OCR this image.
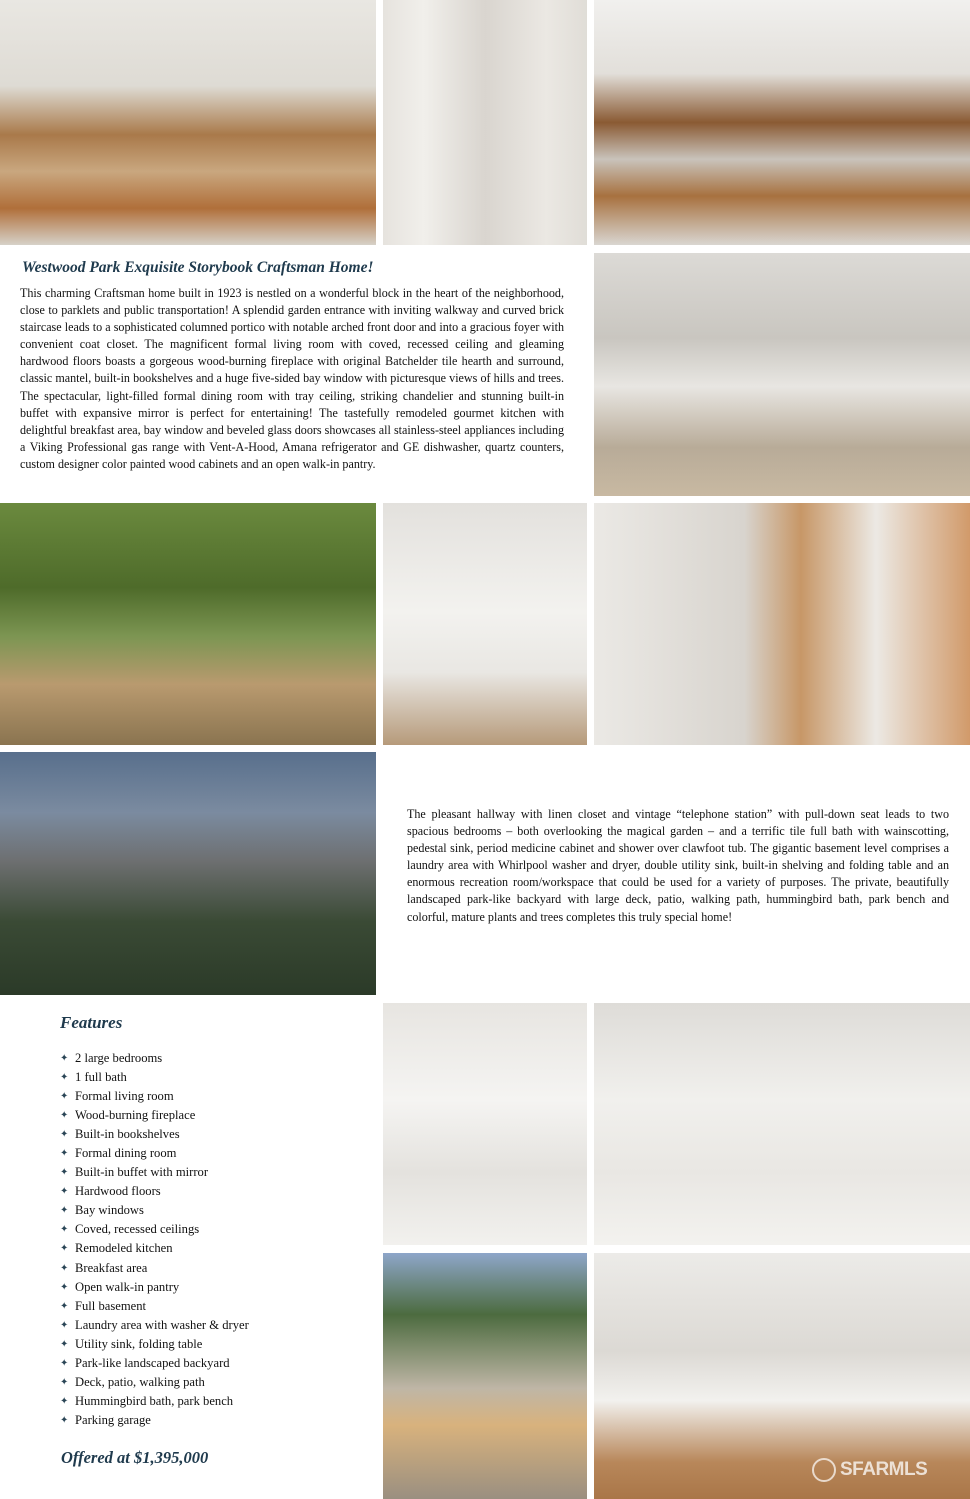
Westwood Park Exquisite Storybook Craftsman Home!
This charming Craftsman home built in 1923 is nestled on a wonderful block in the heart of the neighborhood, close to parklets and public transportation! A splendid garden entrance with inviting walkway and curved brick staircase leads to a sophisticated columned portico with notable arched front door and into a gracious foyer with convenient coat closet. The magnificent formal living room with coved, recessed ceiling and gleaming hardwood floors boasts a gorgeous wood-burning fireplace with original Batchelder tile hearth and surround, classic mantel, built-in bookshelves and a huge five-sided bay window with picturesque views of hills and trees. The spectacular, light-filled formal dining room with tray ceiling, striking chandelier and stunning built-in buffet with expansive mirror is perfect for entertaining! The tastefully remodeled gourmet kitchen with delightful breakfast area, bay window and beveled glass doors showcases all stainless-steel appliances including a Viking Professional gas range with Vent-A-Hood, Amana refrigerator and GE dishwasher, quartz counters, custom designer color painted wood cabinets and an open walk-in pantry.
The pleasant hallway with linen closet and vintage “telephone station” with pull-down seat leads to two spacious bedrooms – both overlooking the magical garden – and a terrific tile full bath with wainscotting, pedestal sink, period medicine cabinet and shower over clawfoot tub. The gigantic basement level comprises a laundry area with Whirlpool washer and dryer, double utility sink, built-in shelving and folding table and an enormous recreation room/workspace that could be used for a variety of purposes. The private, beautifully landscaped park-like backyard with large deck, patio, walking path, hummingbird bath, park bench and colorful, mature plants and trees completes this truly special home!
Features
✦ 2 large bedrooms
✦ 1 full bath
✦ Formal living room
✦ Wood-burning fireplace
✦ Built-in bookshelves
✦ Formal dining room
✦ Built-in buffet with mirror
✦ Hardwood floors
✦ Bay windows
✦ Coved, recessed ceilings
✦ Remodeled kitchen
✦ Breakfast area
✦ Open walk-in pantry
✦ Full basement
✦ Laundry area with washer & dryer
✦ Utility sink, folding table
✦ Park-like landscaped backyard
✦ Deck, patio, walking path
✦ Hummingbird bath, park bench
✦ Parking garage
Offered at $1,395,000
SFARMLS
